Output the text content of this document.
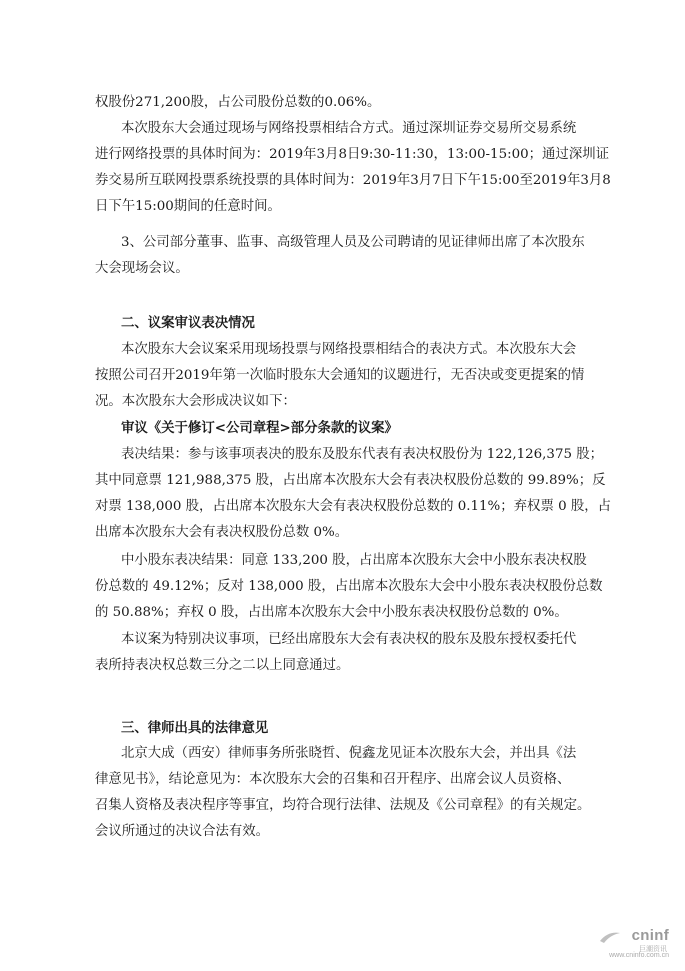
权股份271,200股，占公司股份总数的0.06%。
本次股东大会通过现场与网络投票相结合方式。通过深圳证券交易所交易系统
进行网络投票的具体时间为：2019年3月8日9:30-11:30，13:00-15:00；通过深圳证
券交易所互联网投票系统投票的具体时间为：2019年3月7日下午15:00至2019年3月8
日下午15:00期间的任意时间。
3、公司部分董事、监事、高级管理人员及公司聘请的见证律师出席了本次股东
大会现场会议。
二、议案审议表决情况
本次股东大会议案采用现场投票与网络投票相结合的表决方式。本次股东大会
按照公司召开2019年第一次临时股东大会通知的议题进行，无否决或变更提案的情
况。本次股东大会形成决议如下：
审议《关于修订<公司章程>部分条款的议案》
表决结果：参与该事项表决的股东及股东代表有表决权股份为 122,126,375 股；
其中同意票 121,988,375 股，占出席本次股东大会有表决权股份总数的 99.89%；反
对票 138,000 股，占出席本次股东大会有表决权股份总数的 0.11%；弃权票 0 股，占
出席本次股东大会有表决权股份总数 0%。
中小股东表决结果：同意 133,200 股，占出席本次股东大会中小股东表决权股
份总数的 49.12%；反对 138,000 股，占出席本次股东大会中小股东表决权股份总数
的 50.88%；弃权 0 股，占出席本次股东大会中小股东表决权股份总数的 0%。
本议案为特别决议事项，已经出席股东大会有表决权的股东及股东授权委托代
表所持表决权总数三分之二以上同意通过。
三、律师出具的法律意见
北京大成（西安）律师事务所张晓哲、倪鑫龙见证本次股东大会，并出具《法
律意见书》，结论意见为：本次股东大会的召集和召开程序、出席会议人员资格、
召集人资格及表决程序等事宜，均符合现行法律、法规及《公司章程》的有关规定。
会议所通过的决议合法有效。
cninf
巨潮资讯
www.cninfo.com.cn
